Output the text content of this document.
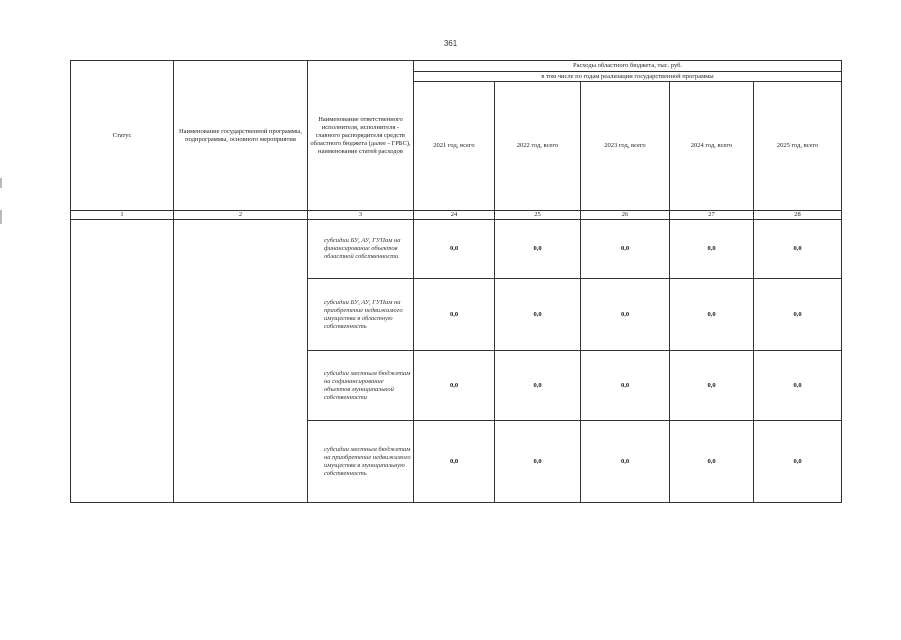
361
Статус	Наименование государственной программы, подпрограммы, основного мероприятия	Наименование ответственного исполнителя, исполнителя - главного распорядителя средств областного бюджета (далее - ГРБС), наименование статей расходов	Расходы областного бюджета, тыс. руб.				
			в том числе по годам реализации государственной программы				
			2021 год, всего	2022 год, всего	2023 год, всего	2024 год, всего	2025 год, всего
1	2	3	24	25	26	27	28
		субсидии БУ, АУ, ГУПам на финансирование объектов областной собственности	0,0	0,0	0,0	0,0	0,0
		субсидии БУ, АУ, ГУПам на приобретение недвижимого имущества в областную собственность	0,0	0,0	0,0	0,0	0,0
		субсидии местным бюджетам на софинансирование объектов муниципальной собственности	0,0	0,0	0,0	0,0	0,0
		субсидии местным бюджетам на приобретение недвижимого имущества в муниципальную собственность	0,0	0,0	0,0	0,0	0,0
